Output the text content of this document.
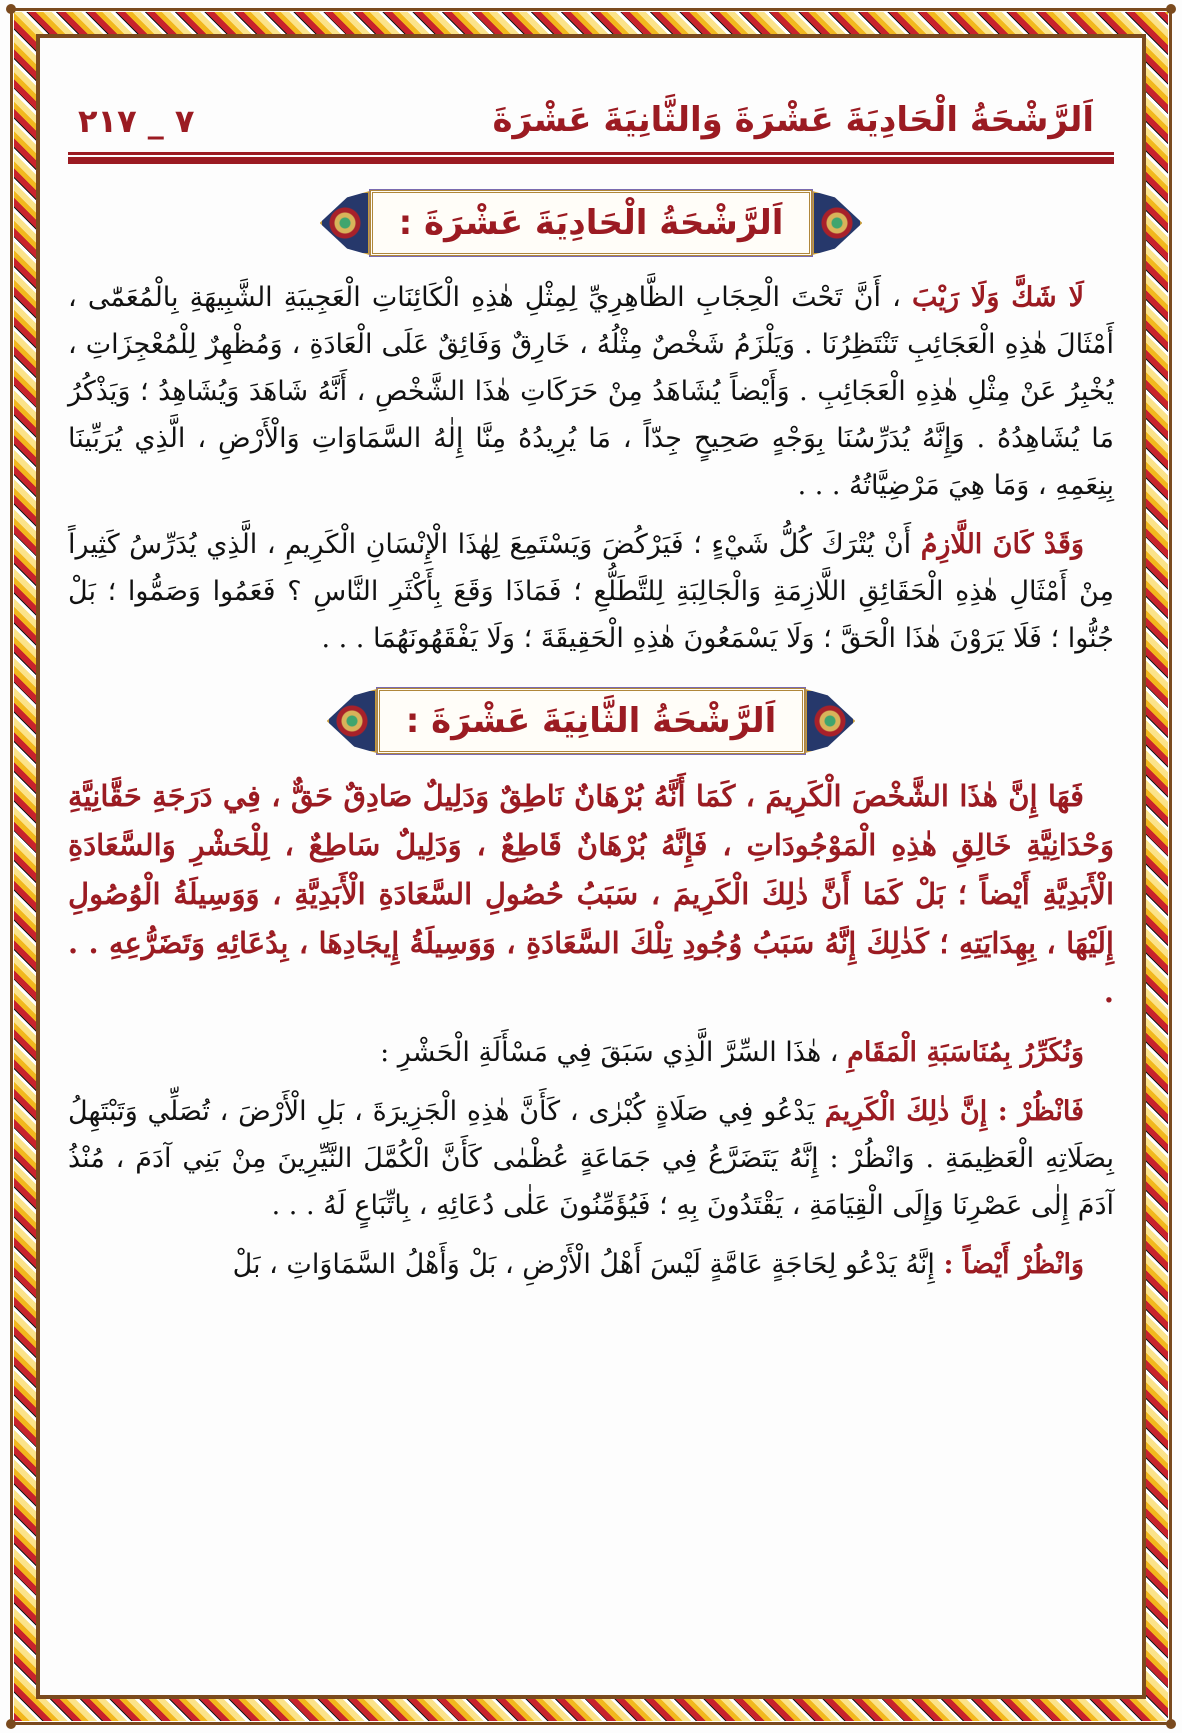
اَلرَّشْحَةُ الْحَادِيَةَ عَشْرَةَ وَالثَّانِيَةَ عَشْرَةَ
٧ _ ٢١٧
اَلرَّشْحَةُ الْحَادِيَةَ عَشْرَةَ :

لَا شَكَّ وَلَا رَيْبَ ، أَنَّ تَحْتَ الْحِجَابِ الظَّاهِرِيِّ لِمِثْلِ هٰذِهِ الْكَائِنَاتِ الْعَجِيبَةِ الشَّبِيهَةِ بِالْمُعَمّٰى ، أَمْثَالَ هٰذِهِ الْعَجَائِبِ تَنْتَظِرُنَا . وَيَلْزَمُ شَخْصٌ مِثْلُهُ ، خَارِقٌ وَفَائِقٌ عَلَى الْعَادَةِ ، وَمُظْهِرٌ لِلْمُعْجِزَاتِ ، يُخْبِرُ عَنْ مِثْلِ هٰذِهِ الْعَجَائِبِ . وَأَيْضاً يُشَاهَدُ مِنْ حَرَكَاتِ هٰذَا الشَّخْصِ ، أَنَّهُ شَاهَدَ وَيُشَاهِدُ ؛ وَيَذْكُرُ مَا يُشَاهِدُهُ . وَإِنَّهُ يُدَرِّسُنَا بِوَجْهٍ صَحِيحٍ جِدّاً ، مَا يُرِيدُهُ مِنَّا إِلٰهُ السَّمَاوَاتِ وَالْأَرْضِ ، الَّذِي يُرَبِّينَا بِنِعَمِهِ ، وَمَا هِيَ مَرْضِيَّاتُهُ . . .

وَقَدْ كَانَ اللَّازِمُ أَنْ يُتْرَكَ كُلُّ شَيْءٍ ؛ فَيَرْكُضَ وَيَسْتَمِعَ لِهٰذَا الْإِنْسَانِ الْكَرِيمِ ، الَّذِي يُدَرِّسُ كَثِيراً مِنْ أَمْثَالِ هٰذِهِ الْحَقَائِقِ اللَّازِمَةِ وَالْجَالِبَةِ لِلتَّطَلُّعِ ؛ فَمَاذَا وَقَعَ بِأَكْثَرِ النَّاسِ ؟ فَعَمُوا وَصَمُّوا ؛ بَلْ جُنُّوا ؛ فَلَا يَرَوْنَ هٰذَا الْحَقَّ ؛ وَلَا يَسْمَعُونَ هٰذِهِ الْحَقِيقَةَ ؛ وَلَا يَفْقَهُونَهُمَا . . .

اَلرَّشْحَةُ الثَّانِيَةَ عَشْرَةَ :

فَهَا إِنَّ هٰذَا الشَّخْصَ الْكَرِيمَ ، كَمَا أَنَّهُ بُرْهَانٌ نَاطِقٌ وَدَلِيلٌ صَادِقٌ حَقٌّ ، فِي دَرَجَةِ حَقَّانِيَّةِ وَحْدَانِيَّةِ خَالِقِ هٰذِهِ الْمَوْجُودَاتِ ، فَإِنَّهُ بُرْهَانٌ قَاطِعٌ ، وَدَلِيلٌ سَاطِعٌ ، لِلْحَشْرِ وَالسَّعَادَةِ الْأَبَدِيَّةِ أَيْضاً ؛ بَلْ كَمَا أَنَّ ذٰلِكَ الْكَرِيمَ ، سَبَبُ حُصُولِ السَّعَادَةِ الْأَبَدِيَّةِ ، وَوَسِيلَةُ الْوُصُولِ إِلَيْهَا ، بِهِدَايَتِهِ ؛ كَذٰلِكَ إِنَّهُ سَبَبُ وُجُودِ تِلْكَ السَّعَادَةِ ، وَوَسِيلَةُ إِيجَادِهَا ، بِدُعَائِهِ وَتَضَرُّعِهِ . . .

وَنُكَرِّرُ بِمُنَاسَبَةِ الْمَقَامِ ، هٰذَا السِّرَّ الَّذِي سَبَقَ فِي مَسْأَلَةِ الْحَشْرِ :

فَانْظُرْ : إِنَّ ذٰلِكَ الْكَرِيمَ يَدْعُو فِي صَلَاةٍ كُبْرٰى ، كَأَنَّ هٰذِهِ الْجَزِيرَةَ ، بَلِ الْأَرْضَ ، تُصَلِّي وَتَبْتَهِلُ بِصَلَاتِهِ الْعَظِيمَةِ . وَانْظُرْ : إِنَّهُ يَتَضَرَّعُ فِي جَمَاعَةٍ عُظْمٰى كَأَنَّ الْكُمَّلَ النَّيِّرِينَ مِنْ بَنِي آدَمَ ، مُنْذُ آدَمَ إِلٰى عَصْرِنَا وَإِلَى الْقِيَامَةِ ، يَقْتَدُونَ بِهِ ؛ فَيُؤَمِّنُونَ عَلٰى دُعَائِهِ ، بِاتِّبَاعٍ لَهُ . . .

وَانْظُرْ أَيْضاً : إِنَّهُ يَدْعُو لِحَاجَةٍ عَامَّةٍ لَيْسَ أَهْلُ الْأَرْضِ ، بَلْ وَأَهْلُ السَّمَاوَاتِ ، بَلْ
